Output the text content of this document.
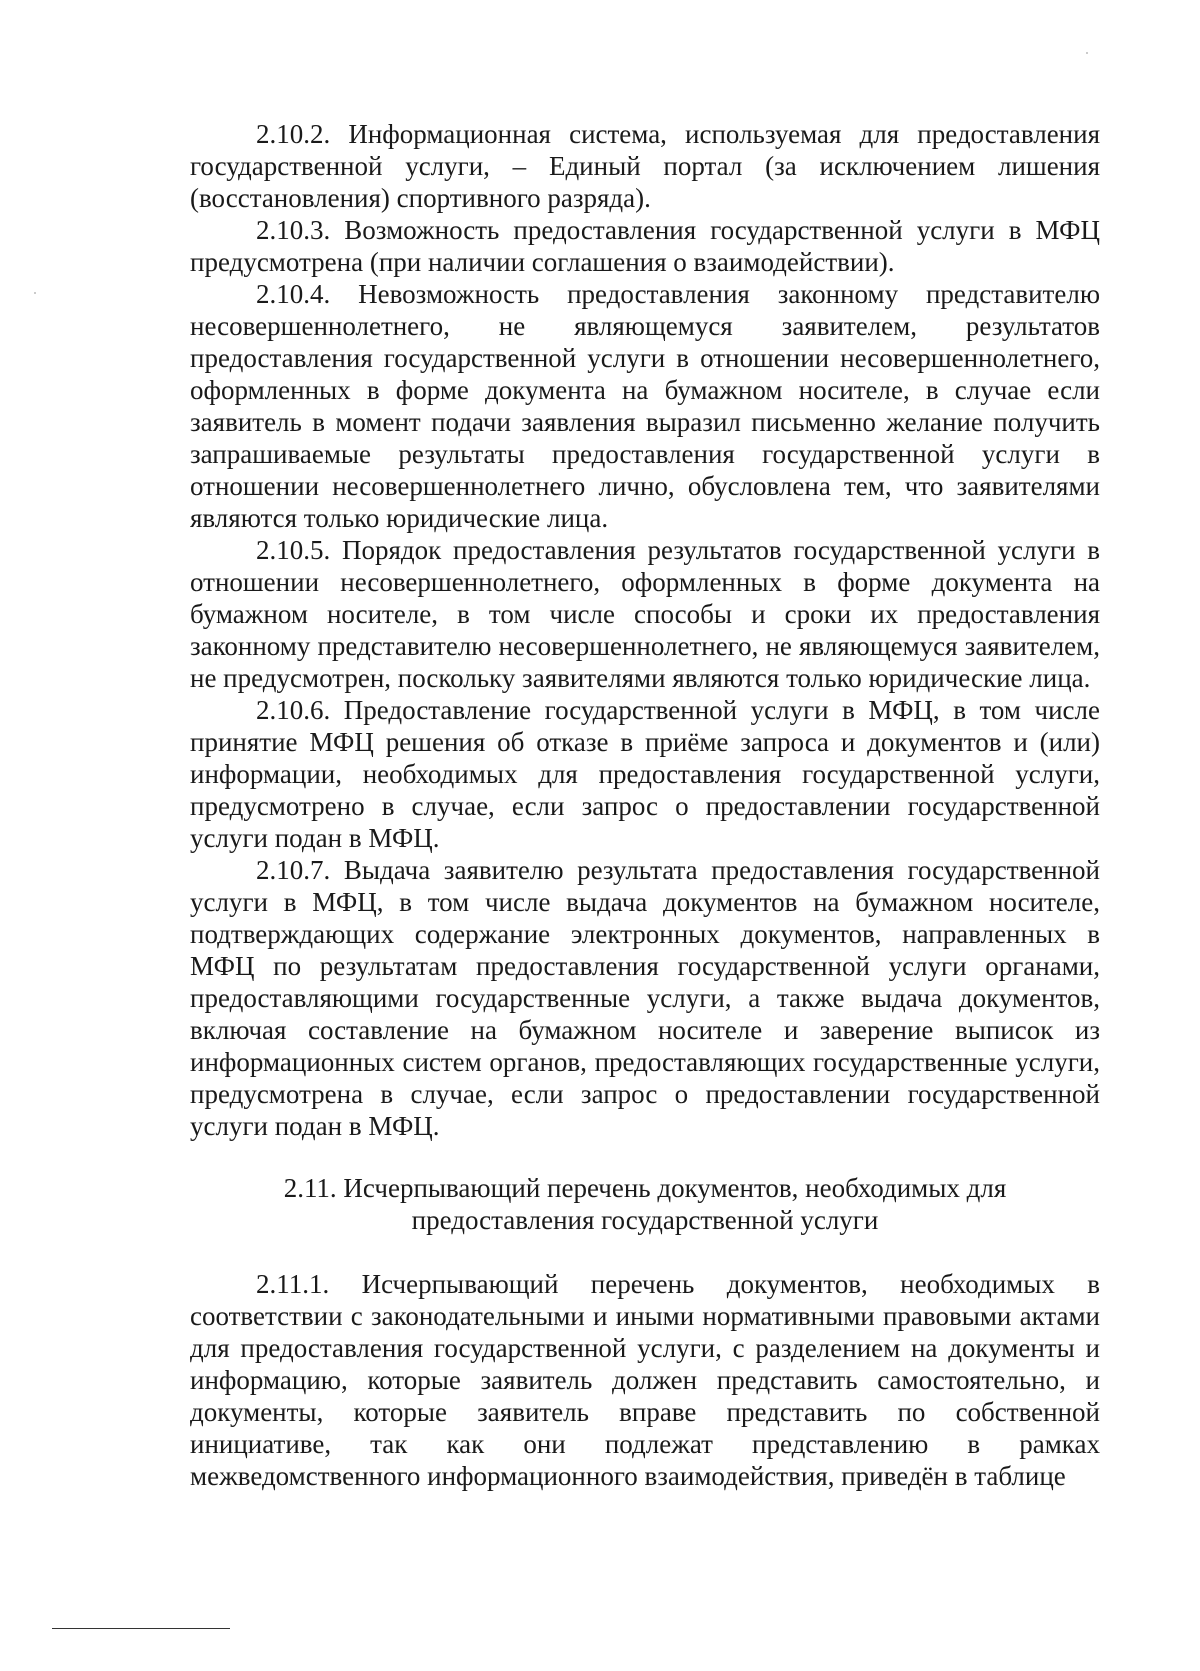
2.10.2. Информационная система, используемая для предоставления государственной услуги, – Единый портал (за исключением лишения (восстановления) спортивного разряда).

2.10.3. Возможность предоставления государственной услуги в МФЦ предусмотрена (при наличии соглашения о взаимодействии).

2.10.4. Невозможность предоставления законному представителю несовершеннолетнего, не являющемуся заявителем, результатов предоставления государственной услуги в отношении несовершеннолетнего, оформленных в форме документа на бумажном носителе, в случае если заявитель в момент подачи заявления выразил письменно желание получить запрашиваемые результаты предоставления государственной услуги в отношении несовершеннолетнего лично, обусловлена тем, что заявителями являются только юридические лица.

2.10.5. Порядок предоставления результатов государственной услуги в отношении несовершеннолетнего, оформленных в форме документа на бумажном носителе, в том числе способы и сроки их предоставления законному представителю несовершеннолетнего, не являющемуся заявителем, не предусмотрен, поскольку заявителями являются только юридические лица.

2.10.6. Предоставление государственной услуги в МФЦ, в том числе принятие МФЦ решения об отказе в приёме запроса и документов и (или) информации, необходимых для предоставления государственной услуги, предусмотрено в случае, если запрос о предоставлении государственной услуги подан в МФЦ.

2.10.7. Выдача заявителю результата предоставления государственной услуги в МФЦ, в том числе выдача документов на бумажном носителе, подтверждающих содержание электронных документов, направленных в МФЦ по результатам предоставления государственной услуги органами, предоставляющими государственные услуги, а также выдача документов, включая составление на бумажном носителе и заверение выписок из информационных систем органов, предоставляющих государственные услуги, предусмотрена в случае, если запрос о предоставлении государственной услуги подан в МФЦ.

2.11. Исчерпывающий перечень документов, необходимых для
предоставления государственной услуги

2.11.1. Исчерпывающий перечень документов, необходимых в соответствии с законодательными и иными нормативными правовыми актами для предоставления государственной услуги, с разделением на документы и информацию, которые заявитель должен представить самостоятельно, и документы, которые заявитель вправе представить по собственной инициативе, так как они подлежат представлению в рамках межведомственного информационного взаимодействия, приведён в таблице
